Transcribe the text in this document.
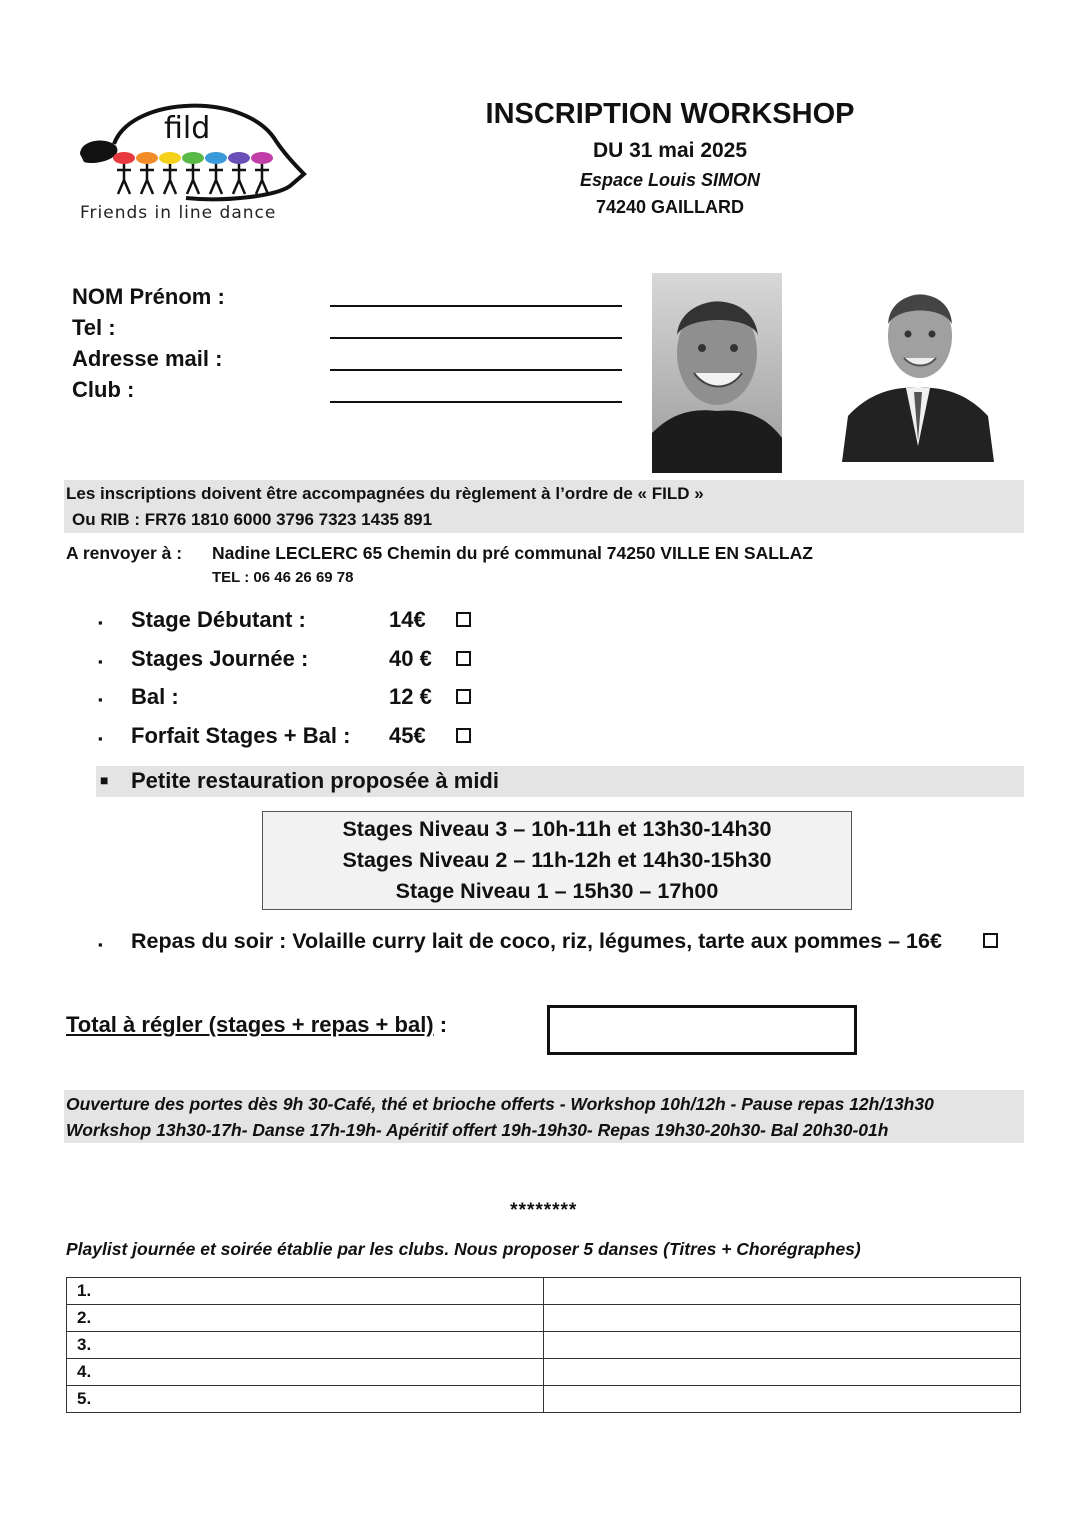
fild
Friends in line dance
INSCRIPTION WORKSHOP
DU 31 mai 2025
Espace Louis SIMON
74240 GAILLARD
NOM Prénom :
Tel :
Adresse mail :
Club :
Les inscriptions doivent être accompagnées du règlement à l’ordre de « FILD »
Ou RIB : FR76 1810 6000 3796 7323 1435 891
A renvoyer à : Nadine LECLERC 65 Chemin du pré communal 74250 VILLE EN SALLAZ
TEL : 06 46 26 69 78
▪ Stage Débutant :	14€
▪ Stages Journée :	40 €
▪ Bal :	12 €
▪ Forfait Stages + Bal : 45€
■ Petite restauration proposée à midi
Stages Niveau 3 – 10h-11h et 13h30-14h30
Stages Niveau 2 – 11h-12h et 14h30-15h30
Stage Niveau 1 – 15h30 – 17h00
▪ Repas du soir : Volaille curry lait de coco, riz, légumes, tarte aux pommes – 16€
Total à régler (stages + repas + bal) :
Ouverture des portes dès 9h 30-Café, thé et brioche offerts - Workshop 10h/12h - Pause repas 12h/13h30
Workshop 13h30-17h- Danse 17h-19h- Apéritif offert 19h-19h30- Repas 19h30-20h30- Bal 20h30-01h
********
Playlist journée et soirée établie par les clubs. Nous proposer 5 danses (Titres + Chorégraphes)
1.	
2.	
3.	
4.	
5.	
